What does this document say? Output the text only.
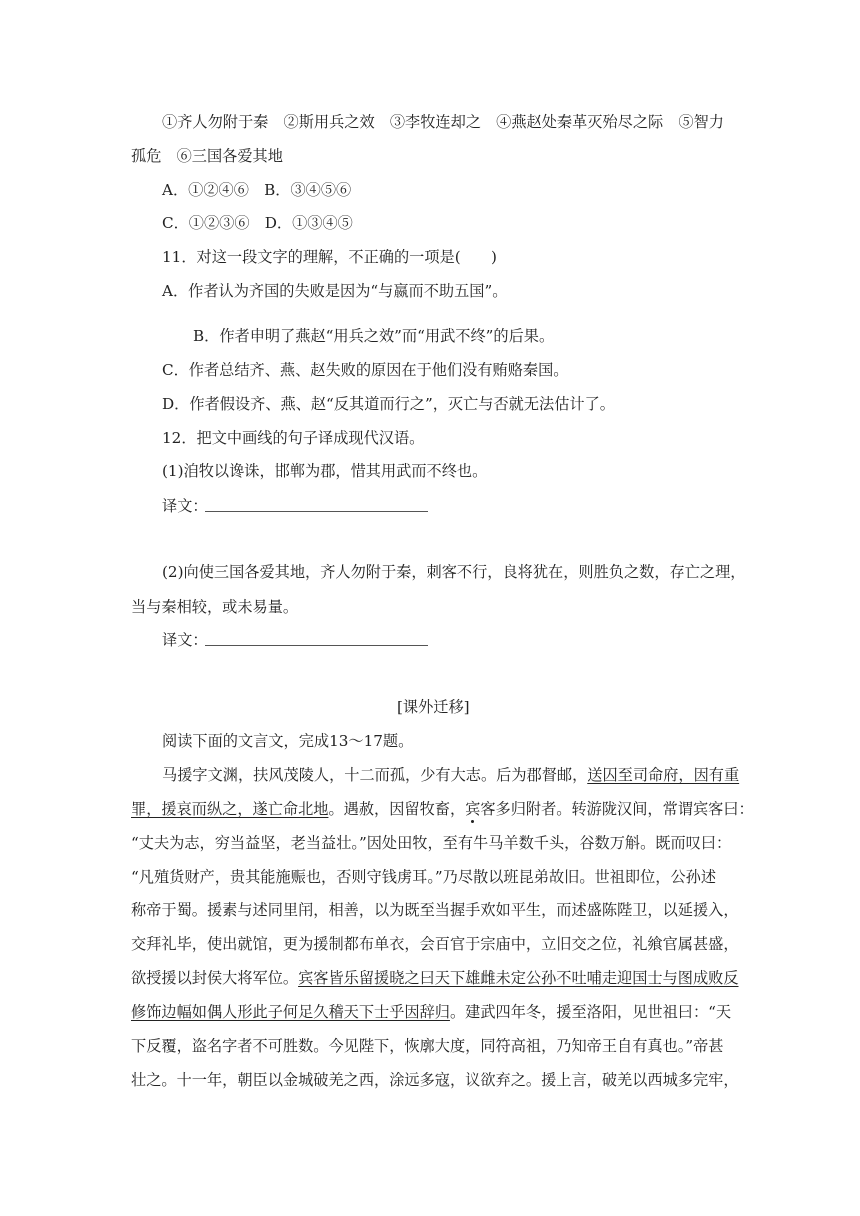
①齐人勿附于秦　②斯用兵之效　③李牧连却之　④燕赵处秦革灭殆尽之际　⑤智力
孤危　⑥三国各爱其地
A．①②④⑥　B．③④⑤⑥
C．①②③⑥　D．①③④⑤
11．对这一段文字的理解，不正确的一项是(　　)
A．作者认为齐国的失败是因为“与嬴而不助五国”。
B．作者申明了燕赵“用兵之效”而“用武不终”的后果。
C．作者总结齐、燕、赵失败的原因在于他们没有贿赂秦国。
D．作者假设齐、燕、赵“反其道而行之”，灭亡与否就无法估计了。
12．把文中画线的句子译成现代汉语。
(1)洎牧以谗诛，邯郸为郡，惜其用武而不终也。
译文：
(2)向使三国各爱其地，齐人勿附于秦，刺客不行，良将犹在，则胜负之数，存亡之理，
当与秦相较，或未易量。
译文：
[课外迁移]
阅读下面的文言文，完成13～17题。
马援字文渊，扶风茂陵人，十二而孤，少有大志。后为郡督邮，送囚至司命府，因有重
罪，援哀而纵之，遂亡命北地。遇赦，因留牧畜，宾客多归附者。转游陇汉间，常谓宾客曰：
“丈夫为志，穷当益坚，老当益壮。”因处田牧，至有牛马羊数千头，谷数万斛。既而叹曰：
“凡殖货财产，贵其能施赈也，否则守钱虏耳。”乃尽散以班昆弟故旧。世祖即位，公孙述
称帝于蜀。援素与述同里闬，相善，以为既至当握手欢如平生，而述盛陈陛卫，以延援入，
交拜礼毕，使出就馆，更为援制都布单衣，会百官于宗庙中，立旧交之位，礼飨官属甚盛，
欲授援以封侯大将军位。宾客皆乐留援晓之曰天下雄雌未定公孙不吐哺走迎国士与图成败反
修饰边幅如偶人形此子何足久稽天下士乎因辞归。建武四年冬，援至洛阳，见世祖曰：“天
下反覆，盗名字者不可胜数。今见陛下，恢廓大度，同符高祖，乃知帝王自有真也。”帝甚
壮之。十一年，朝臣以金城破羌之西，涂远多寇，议欲弃之。援上言，破羌以西城多完牢，
